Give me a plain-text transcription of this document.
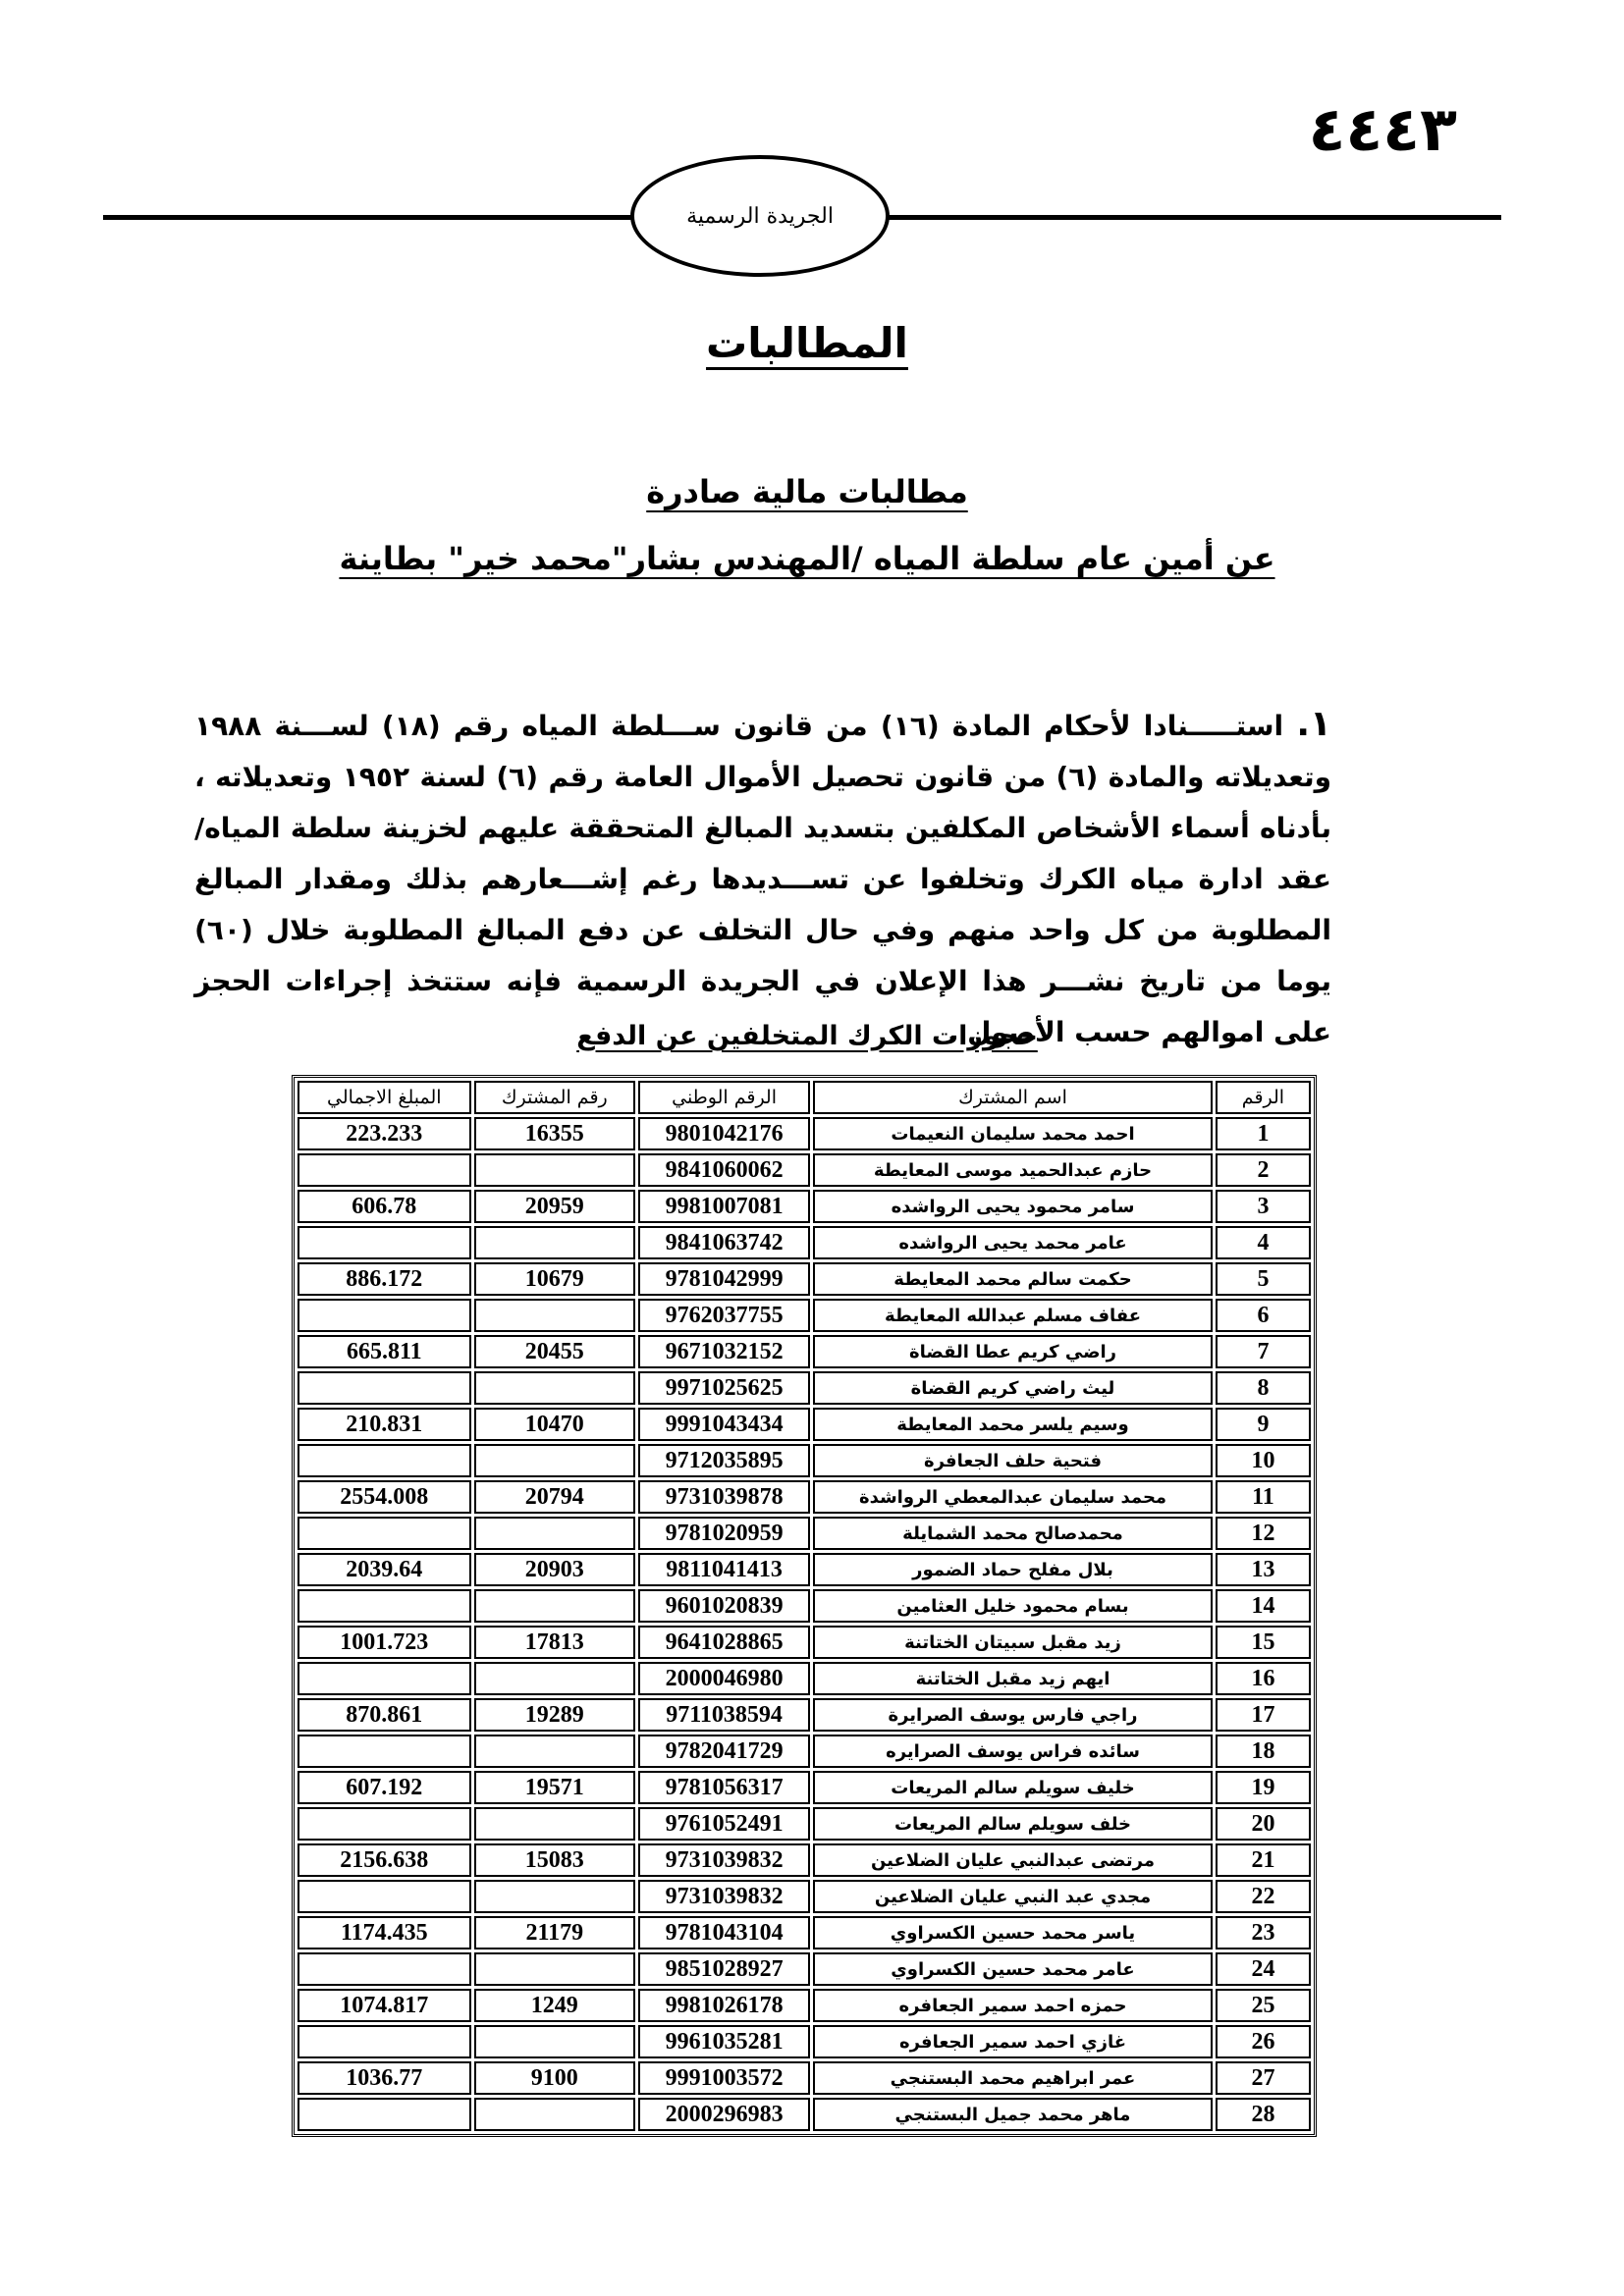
٤٤٤٣
الجريدة الرسمية
المطالبات
مطالبات مالية صادرة
عن أمين عام سلطة المياه /المهندس بشار"محمد خير" بطاينة
١. استـــــنادا لأحكام المادة (١٦) من قانون ســـلطة المياه رقم (١٨) لســـنة ١٩٨٨ وتعديلاته والمادة (٦) من قانون تحصيل الأموال العامة رقم (٦) لسنة ١٩٥٢ وتعديلاته ، بأدناه أسماء الأشخاص المكلفين بتسديد المبالغ المتحققة عليهم لخزينة سلطة المياه/ عقد ادارة مياه الكرك وتخلفوا عن تســـديدها رغم إشـــعارهم بذلك ومقدار المبالغ المطلوبة من كل واحد منهم وفي حال التخلف عن دفع المبالغ المطلوبة خلال (٦٠) يوما من تاريخ نشـــر هذا الإعلان في الجريدة الرسمية فإنه ستتخذ إجراءات الحجز على اموالهم حسب الأصول .
حجوزات الكرك المتخلفين عن الدفع
الرقم	اسم المشترك	الرقم الوطني	رقم المشترك	المبلغ الاجمالي
1	احمد محمد سليمان النعيمات	9801042176	16355	223.233
2	حازم عبدالحميد موسى المعايطة	9841060062		
3	سامر محمود يحيى الرواشده	9981007081	20959	606.78
4	عامر محمد يحيى الرواشده	9841063742		
5	حكمت سالم محمد المعايطة	9781042999	10679	886.172
6	عفاف مسلم عبدالله المعايطة	9762037755		
7	راضي كريم عطا القضاة	9671032152	20455	665.811
8	ليث راضي كريم القضاة	9971025625		
9	وسيم يلسر محمد المعايطة	9991043434	10470	210.831
10	فتحية حلف الجعافرة	9712035895		
11	محمد سليمان عبدالمعطي الرواشدة	9731039878	20794	2554.008
12	محمدصالح محمد الشمايلة	9781020959		
13	بلال مفلح حماد الضمور	9811041413	20903	2039.64
14	بسام محمود خليل العثامين	9601020839		
15	زيد مقبل سبيتان الختاتنة	9641028865	17813	1001.723
16	ايهم زيد مقبل الختاتنة	2000046980		
17	راجي فارس يوسف الصرايرة	9711038594	19289	870.861
18	سائده فراس يوسف الصرايره	9782041729		
19	خليف سويلم سالم المريعات	9781056317	19571	607.192
20	خلف سويلم سالم المريعات	9761052491		
21	مرتضى عبدالنبي عليان الضلاعين	9731039832	15083	2156.638
22	مجدي عبد النبي عليان الضلاعين	9731039832		
23	ياسر محمد حسين الكسراوي	9781043104	21179	1174.435
24	عامر محمد حسين الكسراوي	9851028927		
25	حمزه احمد سمير الجعافره	9981026178	1249	1074.817
26	غازي احمد سمير الجعافره	9961035281		
27	عمر ابراهيم محمد البستنجي	9991003572	9100	1036.77
28	ماهر محمد جميل البستنجي	2000296983		
